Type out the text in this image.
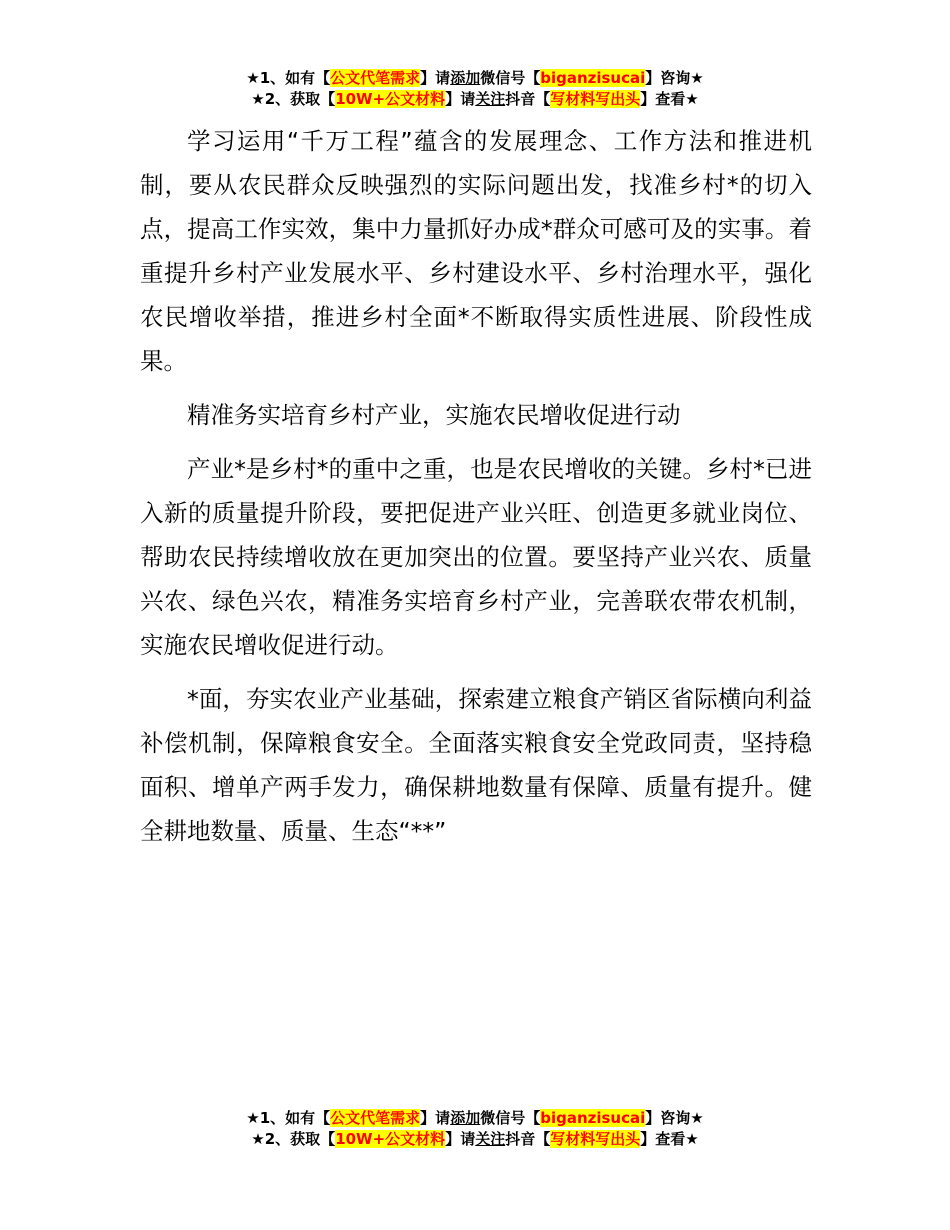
★1、如有【公文代笔需求】请添加微信号【biganzisucai】咨询★
★2、获取【10W+公文材料】请关注抖音【写材料写出头】查看★

学习运用“千万工程”蕴含的发展理念、工作方法和推进机制，要从农民群众反映强烈的实际问题出发，找准乡村*的切入点，提高工作实效，集中力量抓好办成*群众可感可及的实事。着重提升乡村产业发展水平、乡村建设水平、乡村治理水平，强化农民增收举措，推进乡村全面*不断取得实质性进展、阶段性成果。

精准务实培育乡村产业，实施农民增收促进行动

产业*是乡村*的重中之重，也是农民增收的关键。乡村*已进入新的质量提升阶段，要把促进产业兴旺、创造更多就业岗位、帮助农民持续增收放在更加突出的位置。要坚持产业兴农、质量兴农、绿色兴农，精准务实培育乡村产业，完善联农带农机制，实施农民增收促进行动。

*面，夯实农业产业基础，探索建立粮食产销区省际横向利益补偿机制，保障粮食安全。全面落实粮食安全党政同责，坚持稳面积、增单产两手发力，确保耕地数量有保障、质量有提升。健全耕地数量、质量、生态“**”

★1、如有【公文代笔需求】请添加微信号【biganzisucai】咨询★
★2、获取【10W+公文材料】请关注抖音【写材料写出头】查看★
